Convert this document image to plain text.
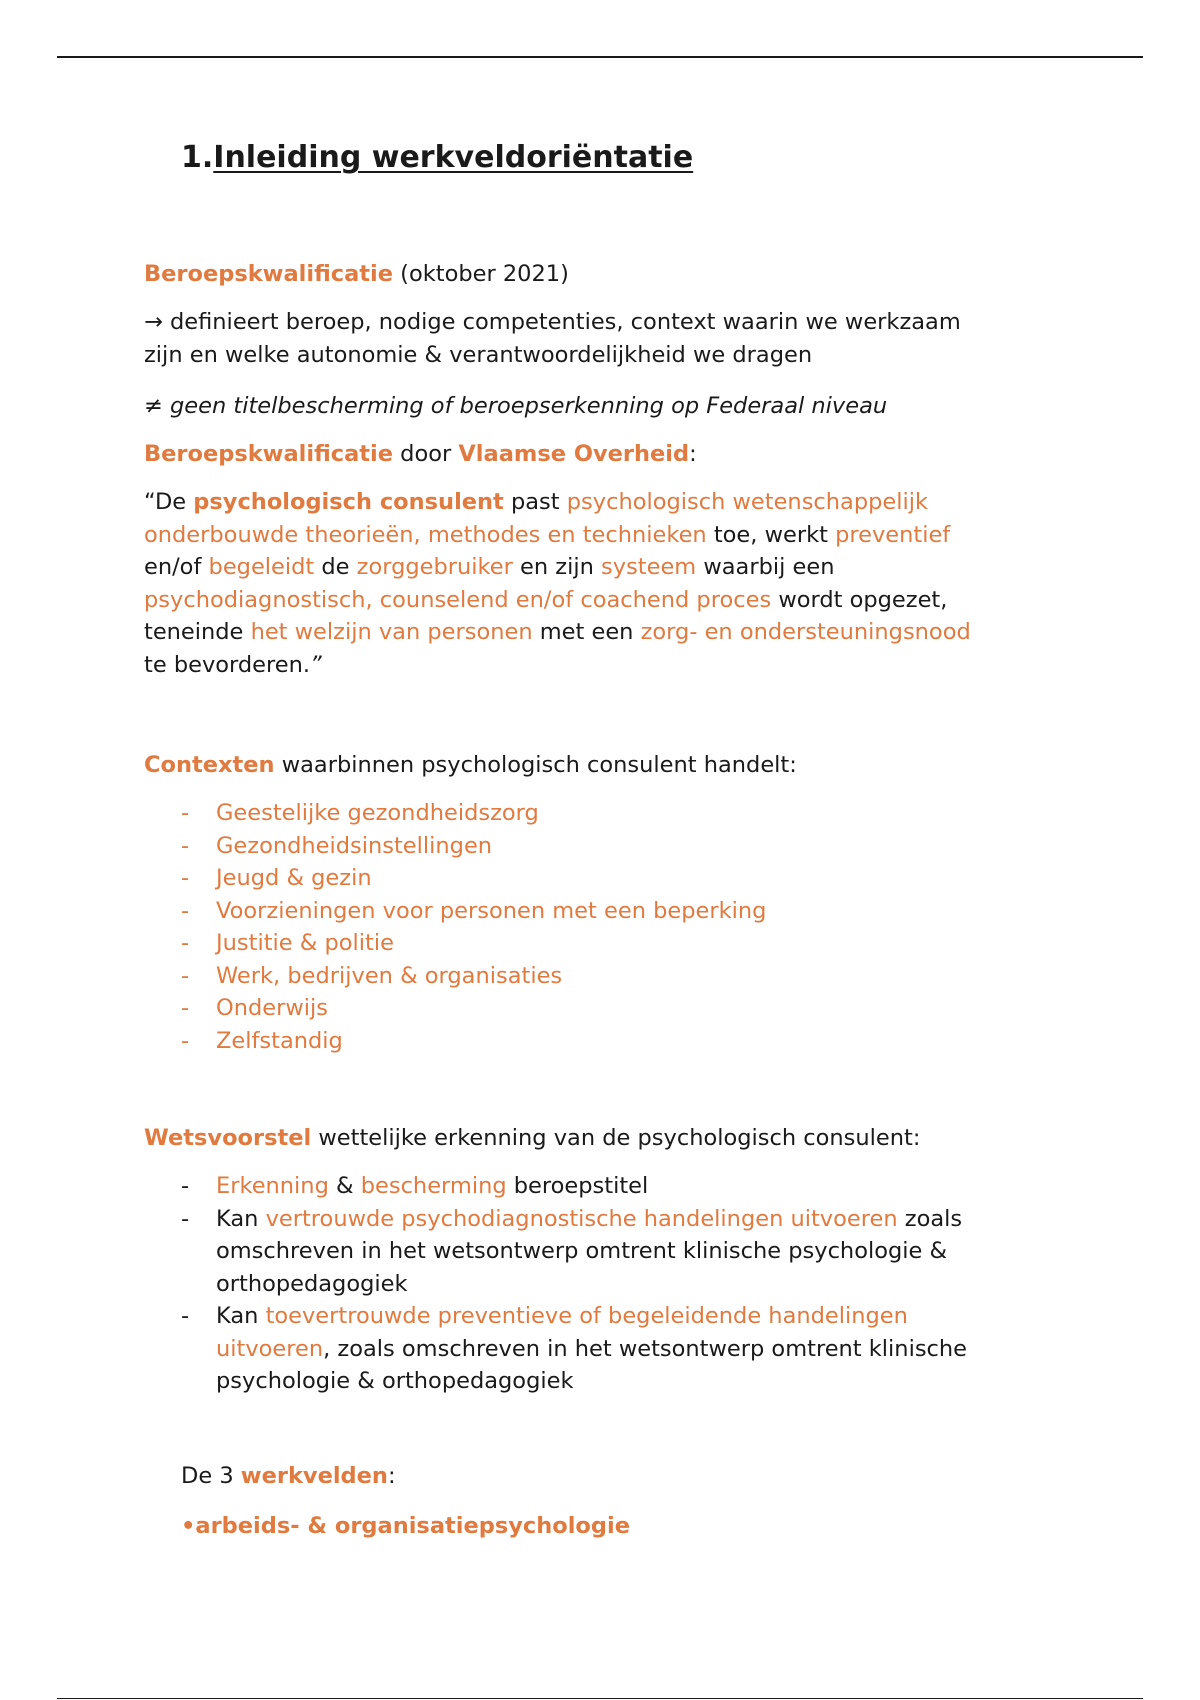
1.Inleiding werkveldoriëntatie
Beroepskwalificatie (oktober 2021)
→ definieert beroep, nodige competenties, context waarin we werkzaam
zijn en welke autonomie & verantwoordelijkheid we dragen
≠ geen titelbescherming of beroepserkenning op Federaal niveau
Beroepskwalificatie door Vlaamse Overheid:
“De psychologisch consulent past psychologisch wetenschappelijk
onderbouwde theorieën, methodes en technieken toe, werkt preventief
en/of begeleidt de zorggebruiker en zijn systeem waarbij een
psychodiagnostisch, counselend en/of coachend proces wordt opgezet,
teneinde het welzijn van personen met een zorg- en ondersteuningsnood
te bevorderen.”
Contexten waarbinnen psychologisch consulent handelt:
- Geestelijke gezondheidszorg
- Gezondheidsinstellingen
- Jeugd & gezin
- Voorzieningen voor personen met een beperking
- Justitie & politie
- Werk, bedrijven & organisaties
- Onderwijs
- Zelfstandig
Wetsvoorstel wettelijke erkenning van de psychologisch consulent:
- Erkenning & bescherming beroepstitel
- Kan vertrouwde psychodiagnostische handelingen uitvoeren zoals
omschreven in het wetsontwerp omtrent klinische psychologie &
orthopedagogiek
- Kan toevertrouwde preventieve of begeleidende handelingen
uitvoeren, zoals omschreven in het wetsontwerp omtrent klinische
psychologie & orthopedagogiek
De 3 werkvelden:
•arbeids- & organisatiepsychologie
